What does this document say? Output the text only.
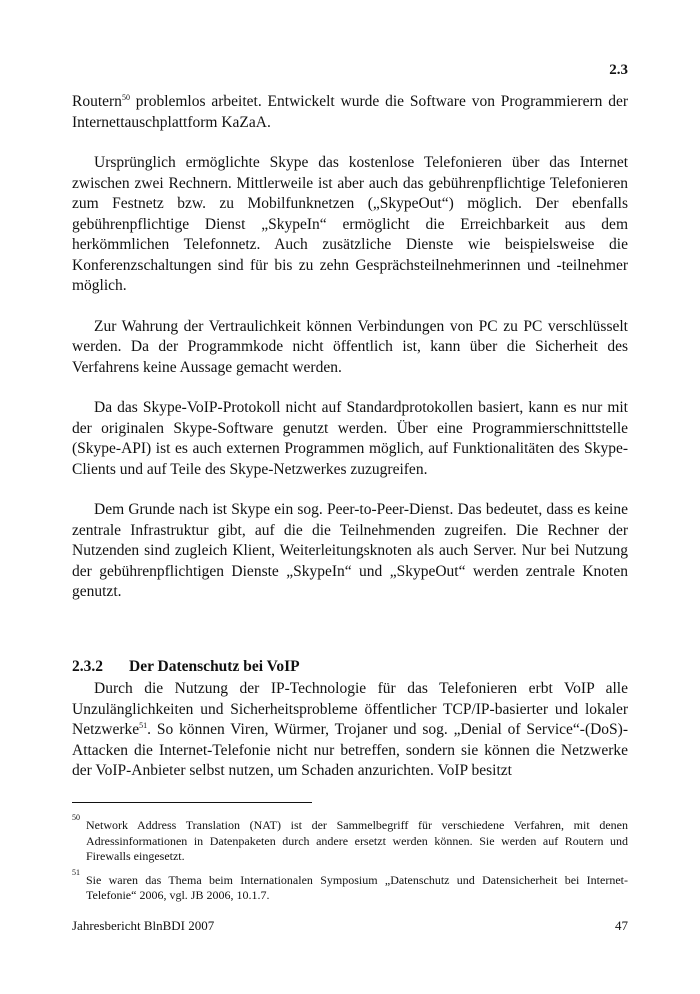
2.3

Routern$^{50}$ problemlos arbeitet. Entwickelt wurde die Software von Programmierern der Internettauschplattform KaZaA.

Ursprünglich ermöglichte Skype das kostenlose Telefonieren über das Internet zwischen zwei Rechnern. Mittlerweile ist aber auch das gebührenpflichtige Telefonieren zum Festnetz bzw. zu Mobilfunknetzen („SkypeOut“) möglich. Der ebenfalls gebührenpflichtige Dienst „SkypeIn“ ermöglicht die Erreichbarkeit aus dem herkömmlichen Telefonnetz. Auch zusätzliche Dienste wie beispielsweise die Konferenzschaltungen sind für bis zu zehn Gesprächsteilnehmerinnen und -teilnehmer möglich.

Zur Wahrung der Vertraulichkeit können Verbindungen von PC zu PC verschlüsselt werden. Da der Programmkode nicht öffentlich ist, kann über die Sicherheit des Verfahrens keine Aussage gemacht werden.

Da das Skype-VoIP-Protokoll nicht auf Standardprotokollen basiert, kann es nur mit der originalen Skype-Software genutzt werden. Über eine Programmierschnittstelle (Skype-API) ist es auch externen Programmen möglich, auf Funktionalitäten des Skype-Clients und auf Teile des Skype-Netzwerkes zuzugreifen.

Dem Grunde nach ist Skype ein sog. Peer-to-Peer-Dienst. Das bedeutet, dass es keine zentrale Infrastruktur gibt, auf die die Teilnehmenden zugreifen. Die Rechner der Nutzenden sind zugleich Klient, Weiterleitungsknoten als auch Server. Nur bei Nutzung der gebührenpflichtigen Dienste „SkypeIn“ und „SkypeOut“ werden zentrale Knoten genutzt.

2.3.2	Der Datenschutz bei VoIP

Durch die Nutzung der IP-Technologie für das Telefonieren erbt VoIP alle Unzulänglichkeiten und Sicherheitsprobleme öffentlicher TCP/IP-basierter und lokaler Netzwerke$^{51}$. So können Viren, Würmer, Trojaner und sog. „Denial of Service“-(DoS)-Attacken die Internet-Telefonie nicht nur betreffen, sondern sie können die Netzwerke der VoIP-Anbieter selbst nutzen, um Schaden anzurichten. VoIP besitzt

50
Network Address Translation (NAT) ist der Sammelbegriff für verschiedene Verfahren, mit denen Adressinformationen in Datenpaketen durch andere ersetzt werden können. Sie werden auf Routern und Firewalls eingesetzt.
51
Sie waren das Thema beim Internationalen Symposium „Datenschutz und Datensicherheit bei Internet-Telefonie“ 2006, vgl. JB 2006, 10.1.7.
Jahresbericht BlnBDI 2007	47
